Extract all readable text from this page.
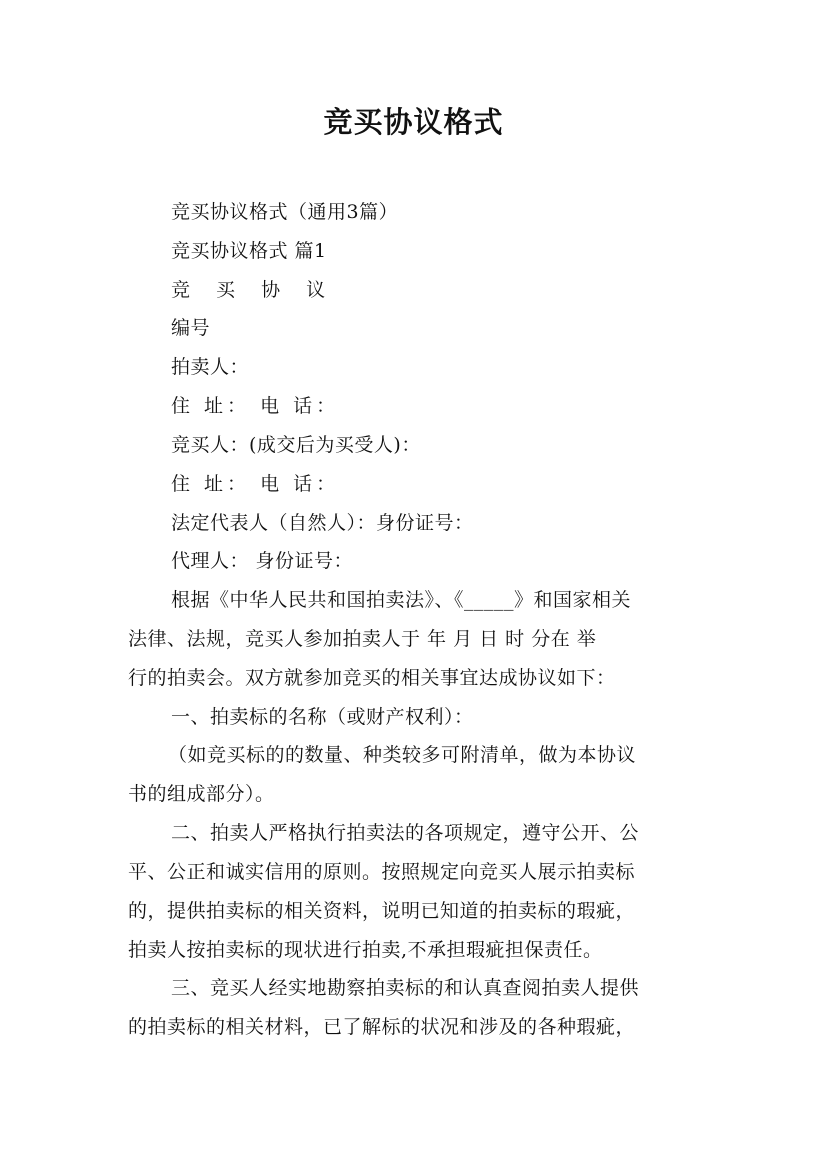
竞买协议格式
竞买协议格式（通用3篇）
竞买协议格式 篇1
竞 买 协 议
编号
拍卖人：
住 址： 电 话：
竞买人：(成交后为买受人)：
住 址： 电 话：
法定代表人（自然人）：身份证号：
代理人： 身份证号：
根据《中华人民共和国拍卖法》、《_____》和国家相关
法律、法规，竞买人参加拍卖人于 年 月 日 时 分在 举
行的拍卖会。双方就参加竞买的相关事宜达成协议如下：
一、拍卖标的名称（或财产权利）：
（如竞买标的的数量、种类较多可附清单，做为本协议
书的组成部分）。
二、拍卖人严格执行拍卖法的各项规定，遵守公开、公
平、公正和诚实信用的原则。按照规定向竞买人展示拍卖标
的，提供拍卖标的相关资料，说明已知道的拍卖标的瑕疵，
拍卖人按拍卖标的现状进行拍卖,不承担瑕疵担保责任。
三、竞买人经实地勘察拍卖标的和认真查阅拍卖人提供
的拍卖标的相关材料，已了解标的状况和涉及的各种瑕疵，
